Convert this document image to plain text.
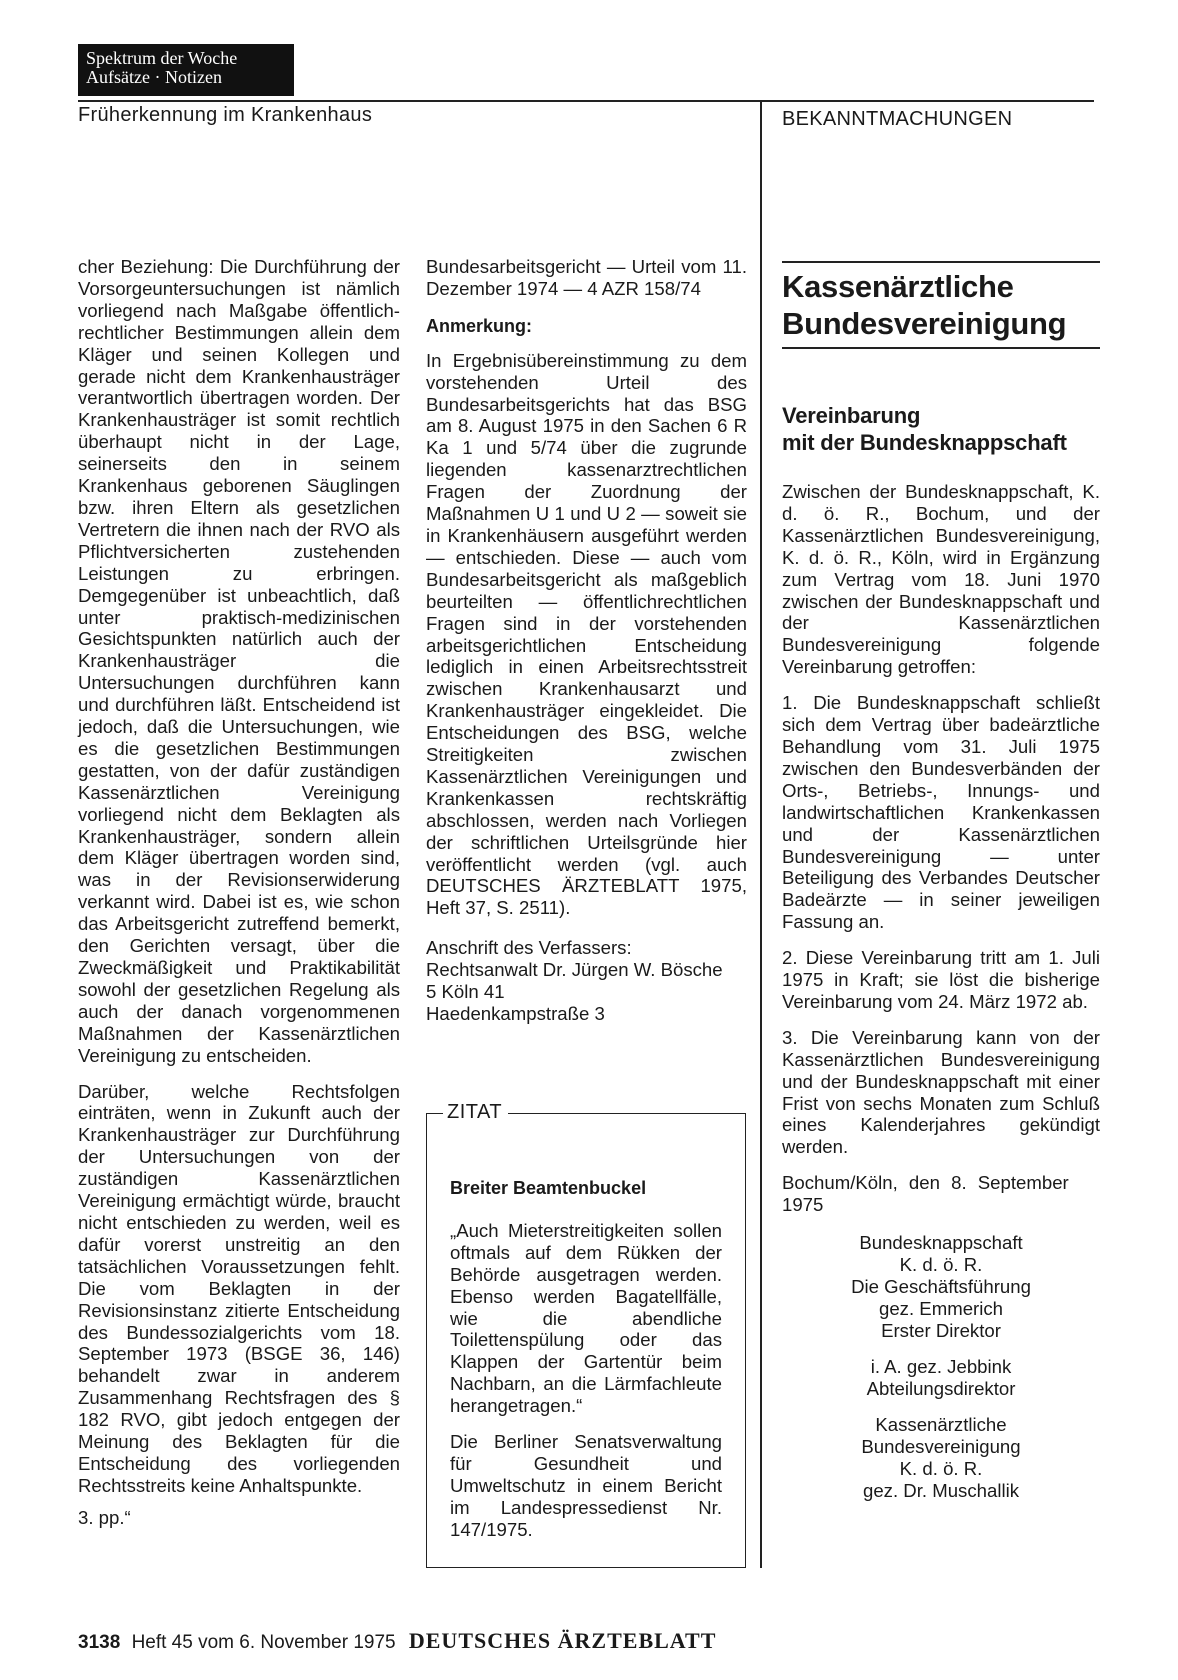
Spektrum der Woche
Aufsätze · Notizen
Früherkennung im Krankenhaus	BEKANNTMACHUNGEN

cher Beziehung: Die Durchführung der Vorsorgeuntersuchungen ist nämlich vorliegend nach Maßgabe öffentlich-rechtlicher Bestimmungen allein dem Kläger und seinen Kollegen und gerade nicht dem Krankenhausträger verantwortlich übertragen worden. Der Krankenhausträger ist somit rechtlich überhaupt nicht in der Lage, seinerseits den in seinem Krankenhaus geborenen Säuglingen bzw. ihren Eltern als gesetzlichen Vertretern die ihnen nach der RVO als Pflichtversicherten zustehenden Leistungen zu erbringen. Demgegenüber ist unbeachtlich, daß unter praktisch-medizinischen Gesichtspunkten natürlich auch der Krankenhausträger die Untersuchungen durchführen kann und durchführen läßt. Entscheidend ist jedoch, daß die Untersuchungen, wie es die gesetzlichen Bestimmungen gestatten, von der dafür zuständigen Kassenärztlichen Vereinigung vorliegend nicht dem Beklagten als Krankenhausträger, sondern allein dem Kläger übertragen worden sind, was in der Revisionserwiderung verkannt wird. Dabei ist es, wie schon das Arbeitsgericht zutreffend bemerkt, den Gerichten versagt, über die Zweckmäßigkeit und Praktikabilität sowohl der gesetzlichen Regelung als auch der danach vorgenommenen Maßnahmen der Kassenärztlichen Vereinigung zu entscheiden.

Darüber, welche Rechtsfolgen einträten, wenn in Zukunft auch der Krankenhausträger zur Durchführung der Untersuchungen von der zuständigen Kassenärztlichen Vereinigung ermächtigt würde, braucht nicht entschieden zu werden, weil es dafür vorerst unstreitig an den tatsächlichen Voraussetzungen fehlt. Die vom Beklagten in der Revisionsinstanz zitierte Entscheidung des Bundessozialgerichts vom 18. September 1973 (BSGE 36, 146) behandelt zwar in anderem Zusammenhang Rechtsfragen des § 182 RVO, gibt jedoch entgegen der Meinung des Beklagten für die Entscheidung des vorliegenden Rechtsstreits keine Anhaltspunkte.

3. pp.“

Bundesarbeitsgericht — Urteil vom 11. Dezember 1974 — 4 AZR 158/74

Anmerkung:

In Ergebnisübereinstimmung zu dem vorstehenden Urteil des Bundesarbeitsgerichts hat das BSG am 8. August 1975 in den Sachen 6 R Ka 1 und 5/74 über die zugrunde liegenden kassenarztrechtlichen Fragen der Zuordnung der Maßnahmen U 1 und U 2 — soweit sie in Krankenhäusern ausgeführt werden — entschieden. Diese — auch vom Bundesarbeitsgericht als maßgeblich beurteilten — öffentlichrechtlichen Fragen sind in der vorstehenden arbeitsgerichtlichen Entscheidung lediglich in einen Arbeitsrechtsstreit zwischen Krankenhausarzt und Krankenhausträger eingekleidet. Die Entscheidungen des BSG, welche Streitigkeiten zwischen Kassenärztlichen Vereinigungen und Krankenkassen rechtskräftig abschlossen, werden nach Vorliegen der schriftlichen Urteilsgründe hier veröffentlicht werden (vgl. auch DEUTSCHES ÄRZTEBLATT 1975, Heft 37, S. 2511).

Anschrift des Verfassers:
Rechtsanwalt Dr. Jürgen W. Bösche
5 Köln 41
Haedenkampstraße 3
ZITAT
Breiter Beamtenbuckel

„Auch Mieterstreitigkeiten sollen oftmals auf dem Rükken der Behörde ausgetragen werden. Ebenso werden Bagatellfälle, wie die abendliche Toilettenspülung oder das Klappen der Gartentür beim Nachbarn, an die Lärmfachleute herangetragen.“

Die Berliner Senatsverwaltung für Gesundheit und Umweltschutz in einem Bericht im Landespressedienst Nr. 147/1975.

Kassenärztliche
Bundesvereinigung
Vereinbarung
mit der Bundesknappschaft

Zwischen der Bundesknappschaft, K. d. ö. R., Bochum, und der Kassenärztlichen Bundesvereinigung, K. d. ö. R., Köln, wird in Ergänzung zum Vertrag vom 18. Juni 1970 zwischen der Bundesknappschaft und der Kassenärztlichen Bundesvereinigung folgende Vereinbarung getroffen:

1. Die Bundesknappschaft schließt sich dem Vertrag über badeärztliche Behandlung vom 31. Juli 1975 zwischen den Bundesverbänden der Orts-, Betriebs-, Innungs- und landwirtschaftlichen Krankenkassen und der Kassenärztlichen Bundesvereinigung — unter Beteiligung des Verbandes Deutscher Badeärzte — in seiner jeweiligen Fassung an.

2. Diese Vereinbarung tritt am 1. Juli 1975 in Kraft; sie löst die bisherige Vereinbarung vom 24. März 1972 ab.

3. Die Vereinbarung kann von der Kassenärztlichen Bundesvereinigung und der Bundesknappschaft mit einer Frist von sechs Monaten zum Schluß eines Kalenderjahres gekündigt werden.

Bochum/Köln, den 8. September 1975

Bundesknappschaft
K. d. ö. R.
Die Geschäftsführung
gez. Emmerich
Erster Direktor

i. A. gez. Jebbink
Abteilungsdirektor

Kassenärztliche
Bundesvereinigung
K. d. ö. R.
gez. Dr. Muschallik

3138 Heft 45 vom 6. November 1975 DEUTSCHES ÄRZTEBLATT
